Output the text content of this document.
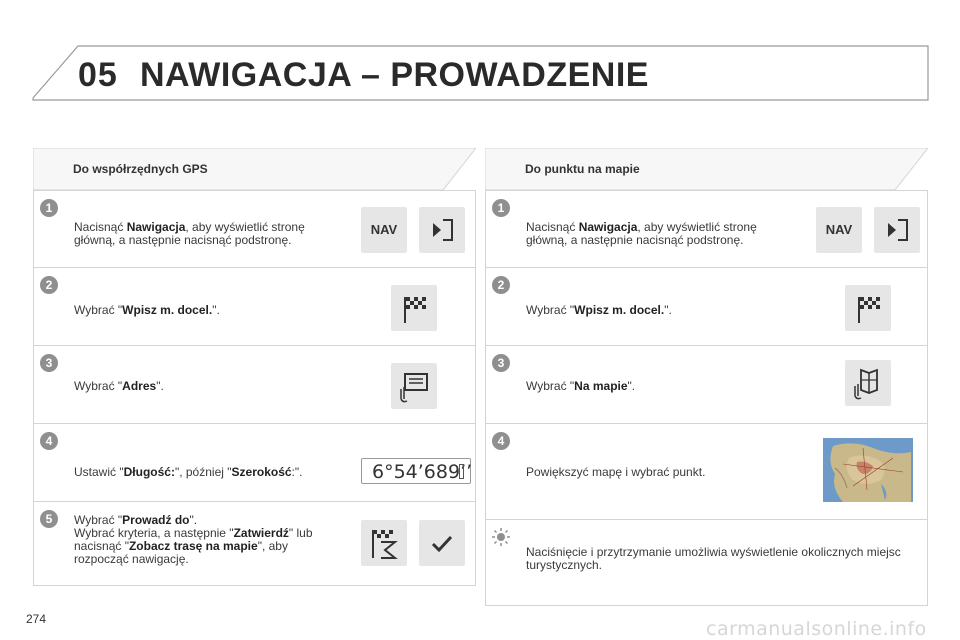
05 NAWIGACJA – PROWADZENIE
Do współrzędnych GPS
1
Nacisnąć Nawigacja, aby wyświetlić stronę główną, a następnie nacisnąć podstronę.
NAV
2
Wybrać "Wpisz m. docel.".
3
Wybrać "Adres".
4
Ustawić "Długość:", później "Szerokość:".	6°54’689’’
5	Wybrać "Prowadź do".
Wybrać kryteria, a następnie "Zatwierdź" lub nacisnąć "Zobacz trasę na mapie", aby rozpocząć nawigację.
Do punktu na mapie
1
Nacisnąć Nawigacja, aby wyświetlić stronę główną, a następnie nacisnąć podstronę.
NAV
2
Wybrać "Wpisz m. docel.".
3
Wybrać "Na mapie".
4
Powiększyć mapę i wybrać punkt.
Naciśnięcie i przytrzymanie umożliwia wyświetlenie okolicznych miejsc turystycznych.
274	carmanualsonline.info
